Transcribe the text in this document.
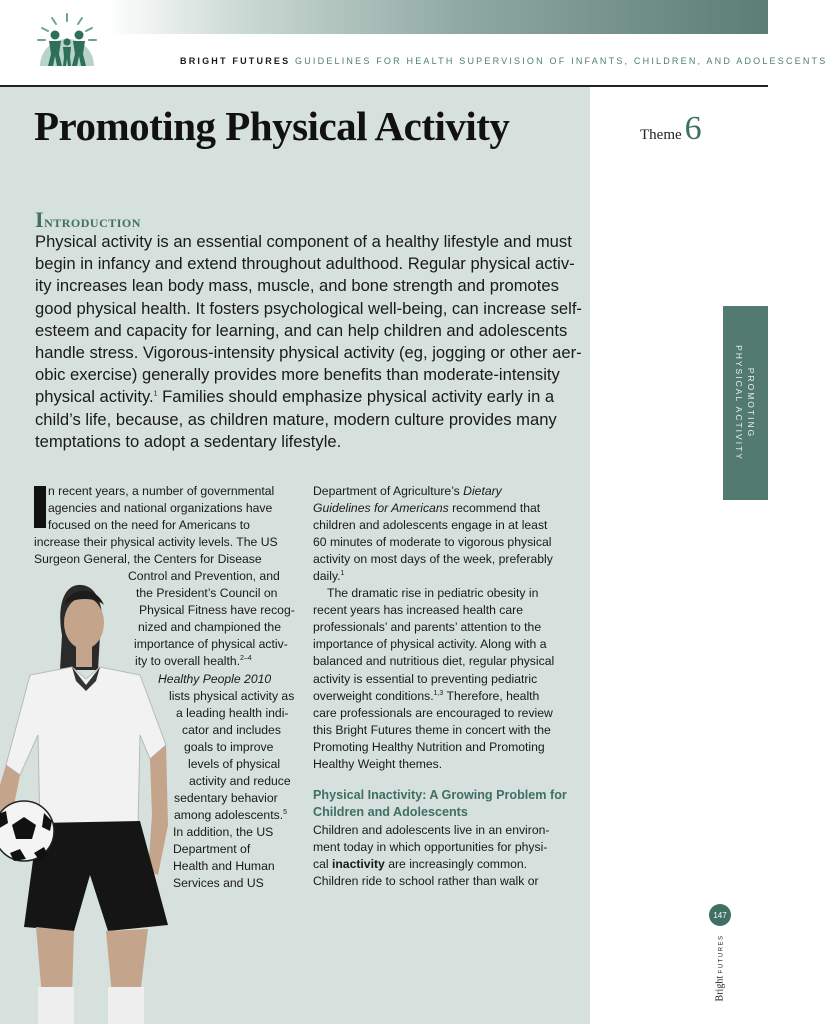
BRIGHT FUTURES GUIDELINES FOR HEALTH SUPERVISION OF INFANTS, CHILDREN, AND ADOLESCENTS
Promoting Physical Activity	Theme6
PROMOTING
PHYSICAL ACTIVITY
Introduction
Physical activity is an essential component of a healthy lifestyle and must
begin in infancy and extend throughout adulthood. Regular physical activ-
ity increases lean body mass, muscle, and bone strength and promotes
good physical health. It fosters psychological well-being, can increase self-
esteem and capacity for learning, and can help children and adolescents
handle stress. Vigorous-intensity physical activity (eg, jogging or other aer-
obic exercise) generally provides more benefits than moderate-intensity
physical activity.$^1$ Families should emphasize physical activity early in a
child’s life, because, as children mature, modern culture provides many
temptations to adopt a sedentary lifestyle.
n recent years, a number of governmental
agencies and national organizations have
focused on the need for Americans to
increase their physical activity levels. The US
Surgeon General, the Centers for Disease
Control and Prevention, and
the President’s Council on
Physical Fitness have recog-
nized and championed the
importance of physical activ-
ity to overall health.$^{2-4}$
Healthy People 2010
lists physical activity as
a leading health indi-
cator and includes
goals to improve
levels of physical
activity and reduce
sedentary behavior
among adolescents.$^5$
In addition, the US
Department of
Health and Human
Services and US
Department of Agriculture’s Dietary
Guidelines for Americans recommend that
children and adolescents engage in at least
60 minutes of moderate to vigorous physical
activity on most days of the week, preferably
daily.$^1$
The dramatic rise in pediatric obesity in
recent years has increased health care
professionals’ and parents’ attention to the
importance of physical activity. Along with a
balanced and nutritious diet, regular physical
activity is essential to preventing pediatric
overweight conditions.$^{1,3}$ Therefore, health
care professionals are encouraged to review
this Bright Futures theme in concert with the
Promoting Healthy Nutrition and Promoting
Healthy Weight themes.
Physical Inactivity: A Growing Problem for
Children and Adolescents
Children and adolescents live in an environ-
ment today in which opportunities for physi-
cal inactivity are increasingly common.
Children ride to school rather than walk or
147
Bright FUTURES
